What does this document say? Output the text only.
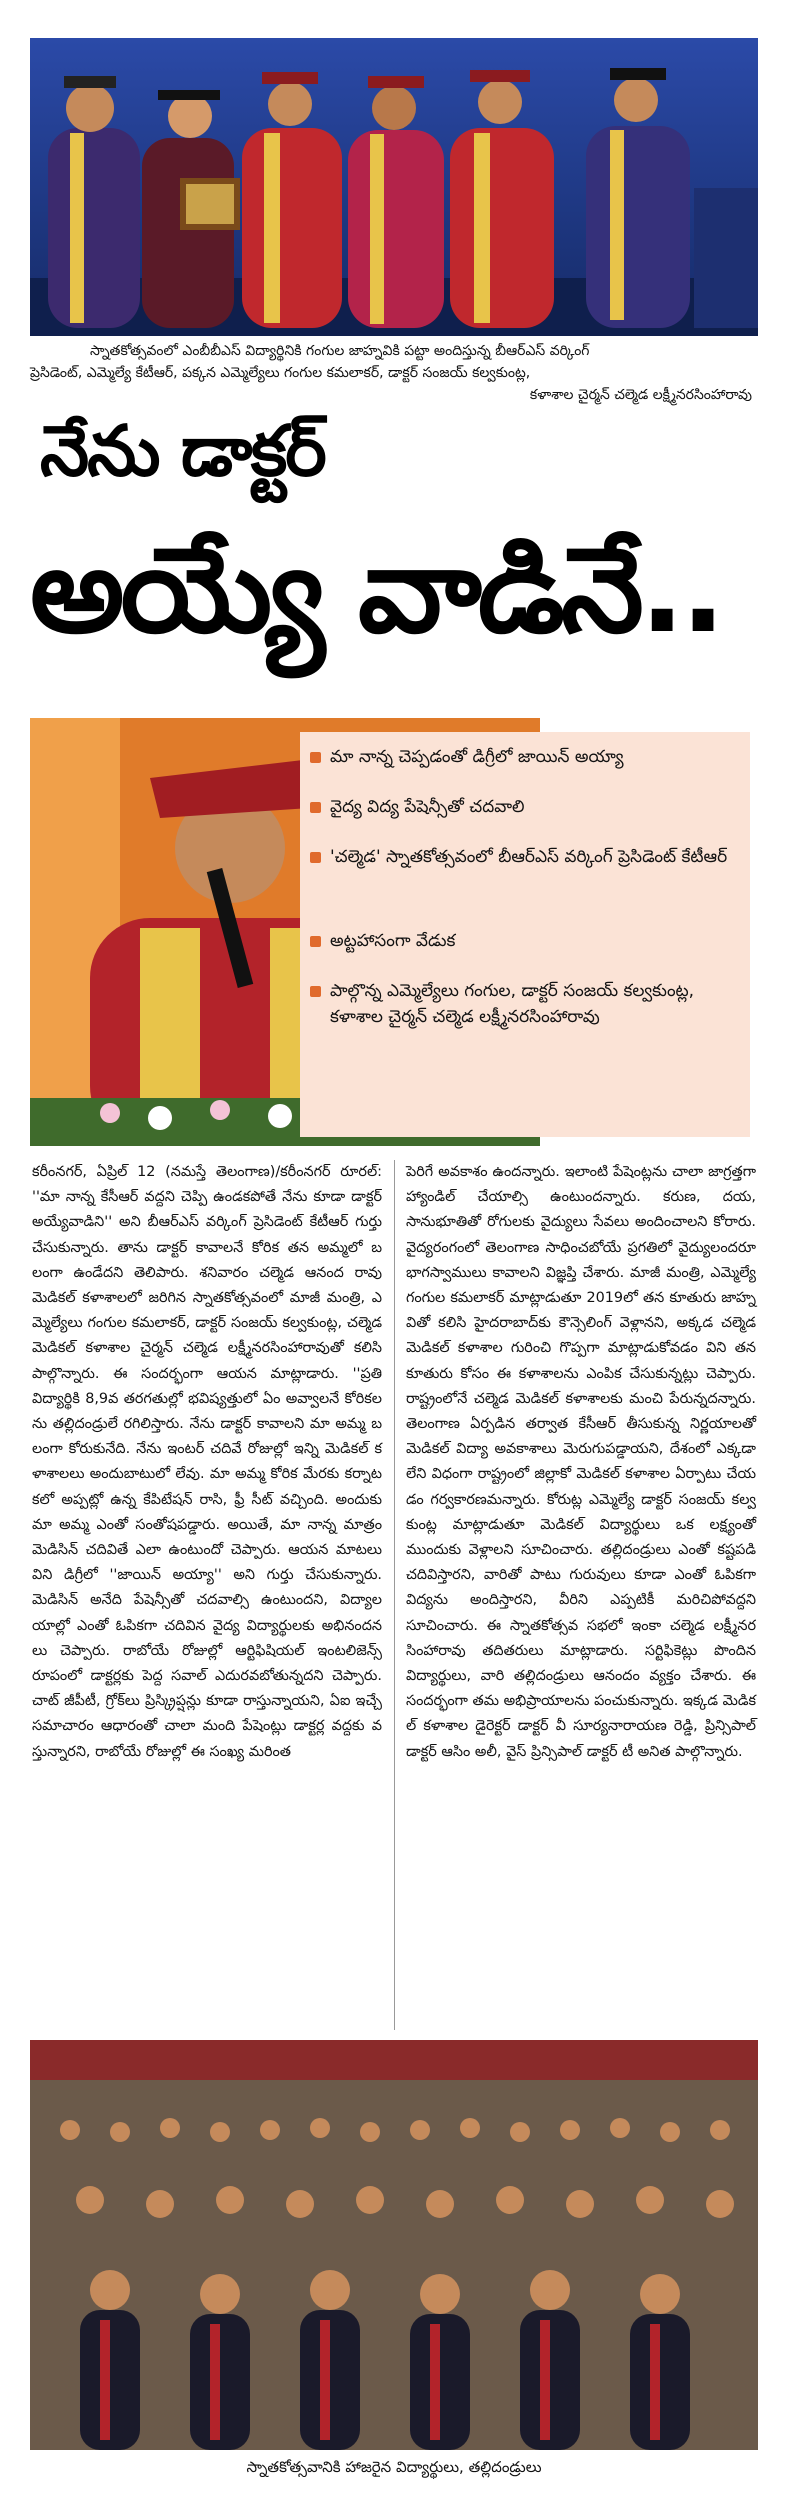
స్నాతకోత్సవంలో ఎంబీబీఎస్ విద్యార్థినికి గంగుల జాహ్నవికి పట్టా అందిస్తున్న బీఆర్ఎస్ వర్కింగ్
ప్రెసిడెంట్, ఎమ్మెల్యే కేటీఆర్, పక్కన ఎమ్మెల్యేలు గంగుల కమలాకర్, డాక్టర్ సంజయ్ కల్వకుంట్ల,
కళాశాల చైర్మన్ చల్మెడ లక్ష్మీనరసింహారావు
నేను డాక్టర్
అయ్యే వాడినే..
మా నాన్న చెప్పడంతో డిగ్రీలో జాయిన్ అయ్యా
వైద్య విద్య పేషెన్సీతో చదవాలి
'చల్మెడ' స్నాతకోత్సవంలో బీఆర్ఎస్ వర్కింగ్ ప్రెసిడెంట్ కేటీఆర్
అట్టహాసంగా వేడుక
పాల్గొన్న ఎమ్మెల్యేలు గంగుల, డాక్టర్ సంజయ్ కల్వకుంట్ల, కళాశాల చైర్మన్ చల్మెడ లక్ష్మీనరసింహారావు
కరీంనగర్, ఏప్రిల్ 12 (నమస్తే తెలంగాణ)/కరీంనగర్ రూరల్: ''మా నాన్న కేసీఆర్ వద్దని చెప్పి ఉండకపోతే నేను కూడా డాక్టర్ అయ్యేవాడిని'' అని బీఆర్ఎస్ వర్కింగ్ ప్రెసిడెంట్ కేటీఆర్ గుర్తు చేసుకున్నారు. తాను డాక్టర్ కావాలనే కోరిక తన అమ్మలో బలంగా ఉండేదని తెలిపారు. శనివారం చల్మెడ ఆనంద రావు మెడికల్ కళాశాలలో జరిగిన స్నాతకోత్సవంలో మాజీ మంత్రి, ఎమ్మెల్యేలు గంగుల కమలాకర్, డాక్టర్ సంజయ్ కల్వకుంట్ల, చల్మెడ మెడికల్ కళాశాల చైర్మన్ చల్మెడ లక్ష్మీనరసింహారావుతో కలిసి పాల్గొన్నారు. ఈ సందర్భంగా ఆయన మాట్లాడారు. ''ప్రతి విద్యార్థికి 8,9వ తరగతుల్లో భవిష్యత్తులో ఏం అవ్వాలనే కోరికలను తల్లిదండ్రులే రగిలిస్తారు. నేను డాక్టర్ కావాలని మా అమ్మ బలంగా కోరుకునేది. నేను ఇంటర్ చదివే రోజుల్లో ఇన్ని మెడికల్ కళాశాలలు అందుబాటులో లేవు. మా అమ్మ కోరిక మేరకు కర్నాటకలో అప్పట్లో ఉన్న కేపిటేషన్ రాసి, ఫ్రీ సీట్ వచ్చింది. అందుకు మా అమ్మ ఎంతో సంతోషపడ్డారు. అయితే, మా నాన్న మాత్రం మెడిసిన్ చదివితే ఎలా ఉంటుందో చెప్పారు. ఆయన మాటలు విని డిగ్రీలో ''జాయిన్ అయ్యా'' అని గుర్తు చేసుకున్నారు. మెడిసిన్ అనేది పేషెన్సీతో చదవాల్సి ఉంటుందని, విద్యాలయాల్లో ఎంతో ఓపికగా చదివిన వైద్య విద్యార్థులకు అభినందనలు చెప్పారు. రాబోయే రోజుల్లో ఆర్టిఫిషియల్ ఇంటలిజెన్స్ రూపంలో డాక్టర్లకు పెద్ద సవాల్ ఎదురవబోతున్నదని చెప్పారు. చాట్ జీపీటీ, గ్రోక్‌లు ప్రిస్క్రిప్షన్లు కూడా రాస్తున్నాయని, ఏఐ ఇచ్చే సమాచారం ఆధారంతో చాలా మంది పేషెంట్లు డాక్టర్ల వద్దకు వస్తున్నారని, రాబోయే రోజుల్లో ఈ సంఖ్య మరింత
పెరిగే అవకాశం ఉందన్నారు. ఇలాంటి పేషెంట్లను చాలా జాగ్రత్తగా హ్యాండిల్ చేయాల్సి ఉంటుందన్నారు. కరుణ, దయ, సానుభూతితో రోగులకు వైద్యులు సేవలు అందించాలని కోరారు. వైద్యరంగంలో తెలంగాణ సాధించబోయే ప్రగతిలో వైద్యులందరూ భాగస్వాములు కావాలని విజ్ఞప్తి చేశారు. మాజీ మంత్రి, ఎమ్మెల్యే గంగుల కమలాకర్ మాట్లాడుతూ 2019లో తన కూతురు జాహ్నవితో కలిసి హైదరాబాద్‌కు కౌన్సెలింగ్ వెళ్లానని, అక్కడ చల్మెడ మెడికల్ కళాశాల గురించి గొప్పగా మాట్లాడుకోవడం విని తన కూతురు కోసం ఈ కళాశాలను ఎంపిక చేసుకున్నట్లు చెప్పారు. రాష్ట్రంలోనే చల్మెడ మెడికల్ కళాశాలకు మంచి పేరున్నదన్నారు. తెలంగాణ ఏర్పడిన తర్వాత కేసీఆర్ తీసుకున్న నిర్ణయాలతో మెడికల్ విద్యా అవకాశాలు మెరుగుపడ్డాయని, దేశంలో ఎక్కడా లేని విధంగా రాష్ట్రంలో జిల్లాకో మెడికల్ కళాశాల ఏర్పాటు చేయడం గర్వకారణమన్నారు. కోరుట్ల ఎమ్మెల్యే డాక్టర్ సంజయ్ కల్వకుంట్ల మాట్లాడుతూ మెడికల్ విద్యార్థులు ఒక లక్ష్యంతో ముందుకు వెళ్లాలని సూచించారు. తల్లిదండ్రులు ఎంతో కష్టపడి చదివిస్తారని, వారితో పాటు గురువులు కూడా ఎంతో ఓపికగా విద్యను అందిస్తారని, వీరిని ఎప్పటికీ మరిచిపోవద్దని సూచించారు. ఈ స్నాతకోత్సవ సభలో ఇంకా చల్మెడ లక్ష్మీనరసింహారావు తదితరులు మాట్లాడారు. సర్టిఫికెట్లు పొందిన విద్యార్థులు, వారి తల్లిదండ్రులు ఆనందం వ్యక్తం చేశారు. ఈ సందర్భంగా తమ అభిప్రాయాలను పంచుకున్నారు. ఇక్కడ మెడికల్ కళాశాల డైరెక్టర్ డాక్టర్ వీ సూర్యనారాయణ రెడ్డి, ప్రిన్సిపాల్ డాక్టర్ ఆసిం అలీ, వైస్ ప్రిన్సిపాల్ డాక్టర్ టీ అనిత పాల్గొన్నారు.
స్నాతకోత్సవానికి హాజరైన విద్యార్థులు, తల్లిదండ్రులు
